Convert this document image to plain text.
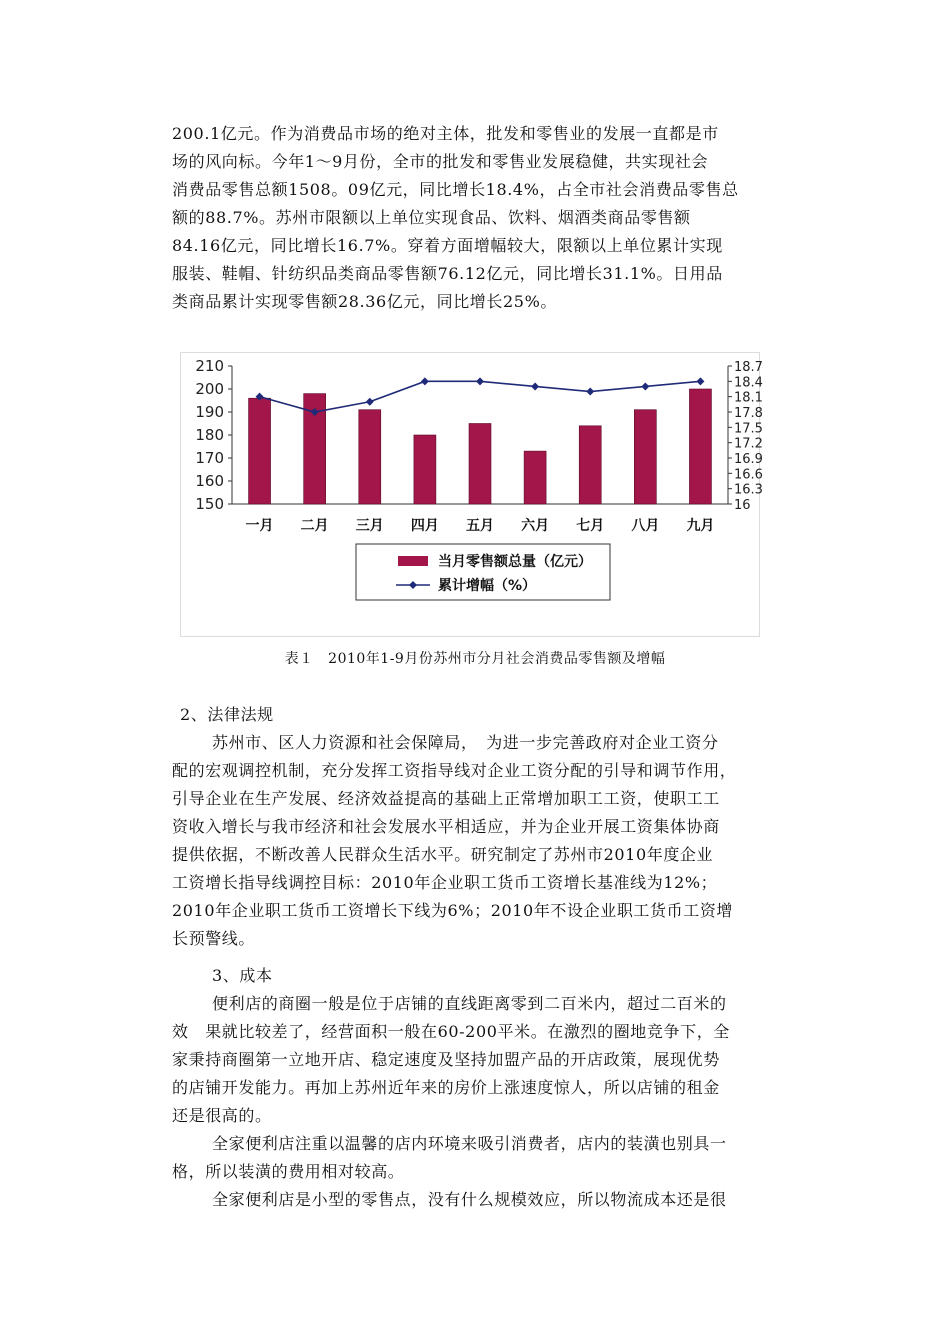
200.1亿元。作为消费品市场的绝对主体，批发和零售业的发展一直都是市
场的风向标。今年1～9月份，全市的批发和零售业发展稳健，共实现社会
消费品零售总额1508。09亿元，同比增长18.4%，占全市社会消费品零售总
额的88.7%。苏州市限额以上单位实现食品、饮料、烟酒类商品零售额
84.16亿元，同比增长16.7%。穿着方面增幅较大，限额以上单位累计实现
服装、鞋帽、针纺织品类商品零售额76.12亿元，同比增长31.1%。日用品
类商品累计实现零售额28.36亿元，同比增长25%。
210
200
190
180
170
160
150
18.7
18.4
18.1
17.8
17.5
17.2
16.9
16.6
16.3
16
一月 二月 三月 四月 五月 六月 七月 八月 九月
当月零售额总量（亿元）
累计增幅（%）

表１　2010年1-9月份苏州市分月社会消费品零售额及增幅

2、法律法规

苏州市、区人力资源和社会保障局，　为进一步完善政府对企业工资分
配的宏观调控机制，充分发挥工资指导线对企业工资分配的引导和调节作用，
引导企业在生产发展、经济效益提高的基础上正常增加职工工资，使职工工
资收入增长与我市经济和社会发展水平相适应，并为企业开展工资集体协商
提供依据，不断改善人民群众生活水平。研究制定了苏州市2010年度企业
工资增长指导线调控目标：2010年企业职工货币工资增长基准线为12%；
2010年企业职工货币工资增长下线为6%；2010年不设企业职工货币工资增
长预警线。

3、成本

便利店的商圈一般是位于店铺的直线距离零到二百米内，超过二百米的
效　果就比较差了，经营面积一般在60-200平米。在激烈的圈地竞争下，全
家秉持商圈第一立地开店、稳定速度及坚持加盟产品的开店政策，展现优势
的店铺开发能力。再加上苏州近年来的房价上涨速度惊人，所以店铺的租金
还是很高的。
全家便利店注重以温馨的店内环境来吸引消费者，店内的装潢也别具一
格，所以装潢的费用相对较高。
全家便利店是小型的零售点，没有什么规模效应，所以物流成本还是很
